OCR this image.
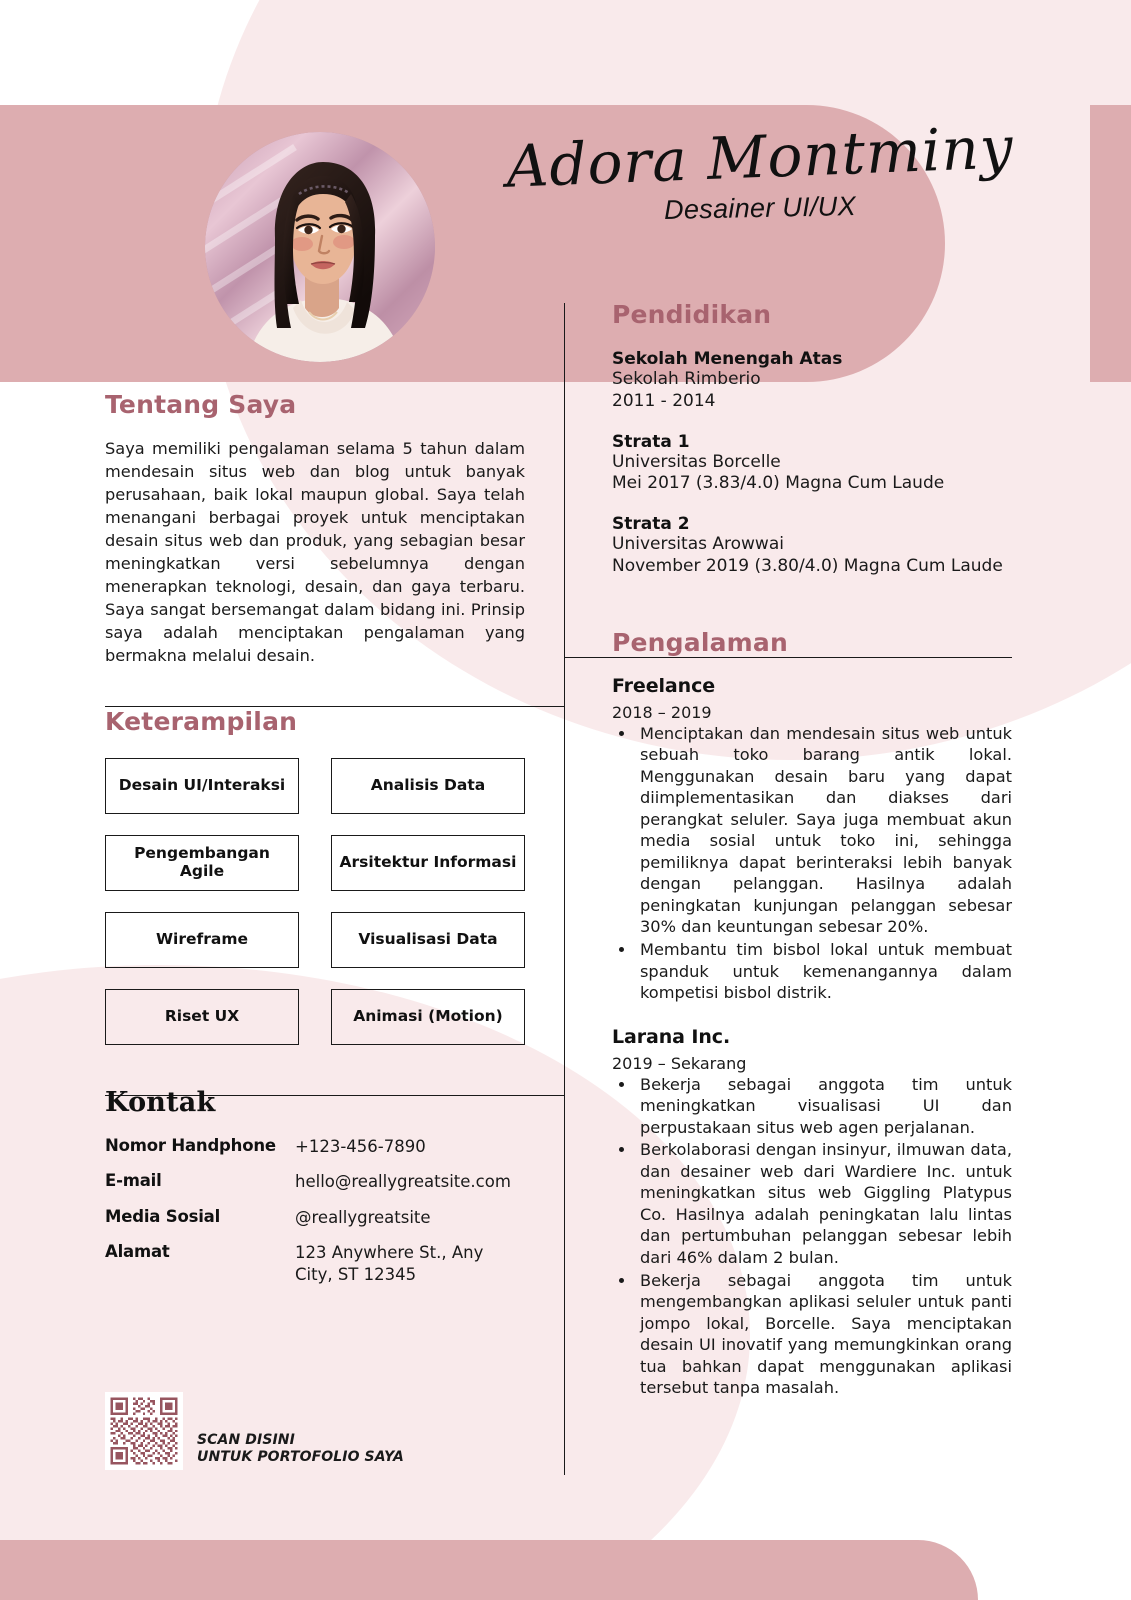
Adora Montminy
Desainer UI/UX
Tentang Saya
Saya memiliki pengalaman selama 5 tahun dalam mendesain situs web dan blog untuk banyak perusahaan, baik lokal maupun global. Saya telah menangani berbagai proyek untuk menciptakan desain situs web dan produk, yang sebagian besar meningkatkan versi sebelumnya dengan menerapkan teknologi, desain, dan gaya terbaru. Saya sangat bersemangat dalam bidang ini. Prinsip saya adalah menciptakan pengalaman yang bermakna melalui desain.
Keterampilan
Desain UI/Interaksi	Analisis Data
Pengembangan Agile	Arsitektur Informasi
Wireframe	Visualisasi Data
Riset UX	Animasi (Motion)
Kontak
Nomor Handphone	+123-456-7890
E-mail	hello@reallygreatsite.com
Media Sosial	@reallygreatsite
Alamat	123 Anywhere St., Any City, ST 12345
SCAN DISINI
UNTUK PORTOFOLIO SAYA
Pendidikan
Sekolah Menengah Atas
Sekolah Rimberio
2011 - 2014
Strata 1
Universitas Borcelle
Mei 2017 (3.83/4.0) Magna Cum Laude
Strata 2
Universitas Arowwai
November 2019 (3.80/4.0) Magna Cum Laude
Pengalaman
Freelance
2018 – 2019
• Menciptakan dan mendesain situs web untuk sebuah toko barang antik lokal. Menggunakan desain baru yang dapat diimplementasikan dan diakses dari perangkat seluler. Saya juga membuat akun media sosial untuk toko ini, sehingga pemiliknya dapat berinteraksi lebih banyak dengan pelanggan. Hasilnya adalah peningkatan kunjungan pelanggan sebesar 30% dan keuntungan sebesar 20%.
• Membantu tim bisbol lokal untuk membuat spanduk untuk kemenangannya dalam kompetisi bisbol distrik.
Larana Inc.
2019 – Sekarang
• Bekerja sebagai anggota tim untuk meningkatkan visualisasi UI dan perpustakaan situs web agen perjalanan.
• Berkolaborasi dengan insinyur, ilmuwan data, dan desainer web dari Wardiere Inc. untuk meningkatkan situs web Giggling Platypus Co. Hasilnya adalah peningkatan lalu lintas dan pertumbuhan pelanggan sebesar lebih dari 46% dalam 2 bulan.
• Bekerja sebagai anggota tim untuk mengembangkan aplikasi seluler untuk panti jompo lokal, Borcelle. Saya menciptakan desain UI inovatif yang memungkinkan orang tua bahkan dapat menggunakan aplikasi tersebut tanpa masalah.
